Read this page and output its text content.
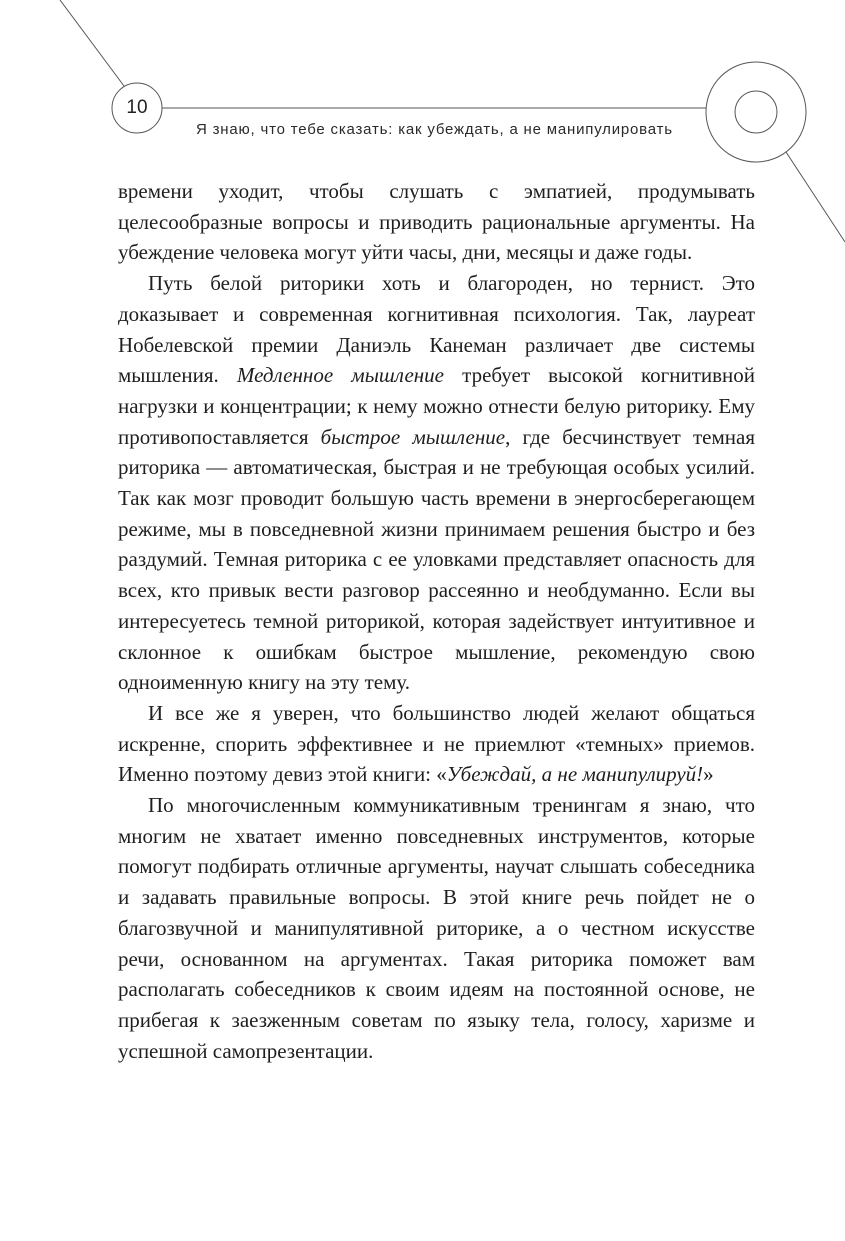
10
Я знаю, что тебе сказать: как убеждать, а не манипулировать

времени уходит, чтобы слушать с эмпатией, продумывать целесообразные вопросы и приводить рациональные аргументы. На убеждение человека могут уйти часы, дни, месяцы и даже годы.

Путь белой риторики хоть и благороден, но тернист. Это доказывает и современная когнитивная психология. Так, лауреат Нобелевской премии Даниэль Канеман различает две системы мышления. Медленное мышление требует высокой когнитивной нагрузки и концентрации; к нему можно отнести белую риторику. Ему противопоставляется быстрое мышление, где бесчинствует темная риторика — автоматическая, быстрая и не требующая особых усилий. Так как мозг проводит большую часть времени в энергосберегающем режиме, мы в повседневной жизни принимаем решения быстро и без раздумий. Темная риторика с ее уловками представляет опасность для всех, кто привык вести разговор рассеянно и необдуманно. Если вы интересуетесь темной риторикой, которая задействует интуитивное и склонное к ошибкам быстрое мышление, рекомендую свою одноименную книгу на эту тему.

И все же я уверен, что большинство людей желают общаться искренне, спорить эффективнее и не приемлют «темных» приемов. Именно поэтому девиз этой книги: «Убеждай, а не манипулируй!»

По многочисленным коммуникативным тренингам я знаю, что многим не хватает именно повседневных инструментов, которые помогут подбирать отличные аргументы, научат слышать собеседника и задавать правильные вопросы. В этой книге речь пойдет не о благозвучной и манипулятивной риторике, а о честном искусстве речи, основанном на аргументах. Такая риторика поможет вам располагать собеседников к своим идеям на постоянной основе, не прибегая к заезженным советам по языку тела, голосу, харизме и успешной самопрезентации.
